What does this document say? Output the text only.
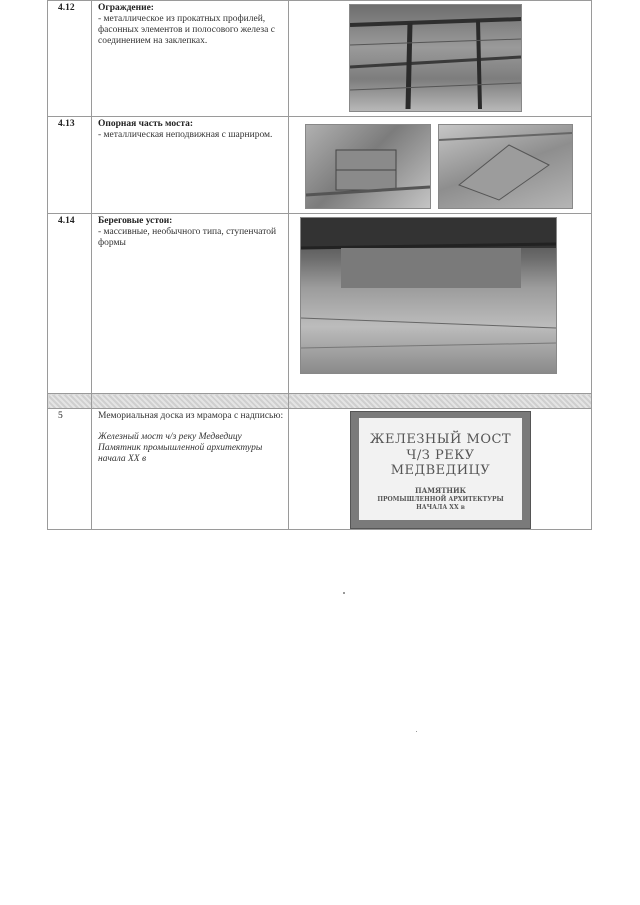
4.12	Ограждение:
- металлическое из прокатных профилей, фасонных элементов и полосового железа с соединением на заклепках.	

4.13	Опорная часть моста:
- металлическая неподвижная с шарниром.	

4.14	Береговые устои:
- массивные, необычного типа, ступенчатой формы	

5	Мемориальная доска из мрамора с надписью:
Железный мост ч/з реку Медведицу Памятник промышленной архитектуры начала XX в	

ЖЕЛЕЗНЫЙ МОСТ
Ч/З РЕКУ МЕДВЕДИЦУ
ПАМЯТНИК
ПРОМЫШЛЕННОЙ АРХИТЕКТУРЫ
НАЧАЛА XX в
